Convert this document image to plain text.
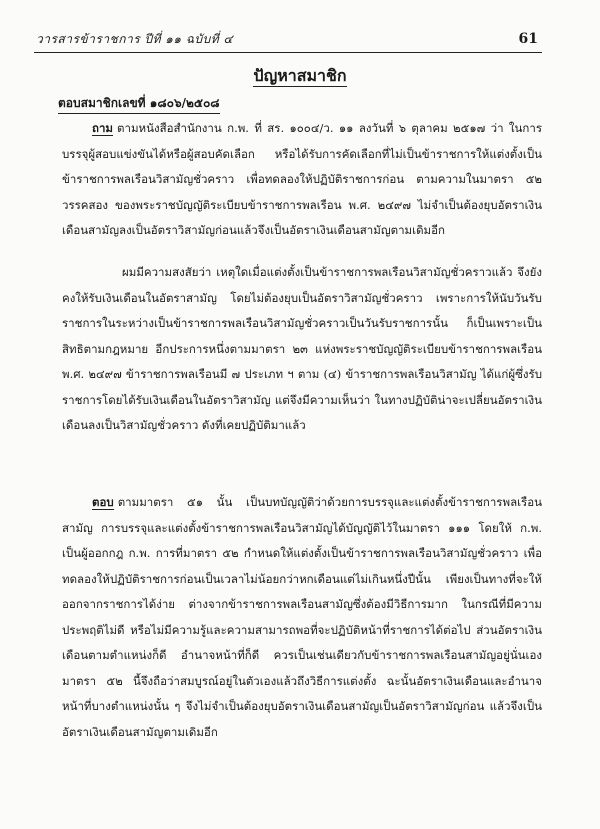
วารสารข้าราชการ ปีที่ ๑๑ ฉบับที่ ๔	61
ปัญหาสมาชิก
ตอบสมาชิกเลขที่ ๑๘๐๖/๒๕๐๘

ถาม ตามหนังสือสำนักงาน ก.พ. ที่ สร. ๑๐๐๔/ว. ๑๑ ลงวันที่ ๖ ตุลาคม ๒๕๑๗ ว่า ในการบรรจุผู้สอบแข่งขันได้หรือผู้สอบคัดเลือก หรือได้รับการคัดเลือกที่ไม่เป็นข้าราชการให้แต่งตั้งเป็นข้าราชการพลเรือนวิสามัญชั่วคราว เพื่อทดลองให้ปฏิบัติราชการก่อน ตามความในมาตรา ๕๒ วรรคสอง ของพระราชบัญญัติระเบียบข้าราชการพลเรือน พ.ศ. ๒๔๙๗ ไม่จำเป็นต้องยุบอัตราเงินเดือนสามัญลงเป็นอัตราวิสามัญก่อนแล้วจึงเป็นอัตราเงินเดือนสามัญตามเดิมอีก

ผมมีความสงสัยว่า เหตุใดเมื่อแต่งตั้งเป็นข้าราชการพลเรือนวิสามัญชั่วคราวแล้ว จึงยังคงให้รับเงินเดือนในอัตราสามัญ โดยไม่ต้องยุบเป็นอัตราวิสามัญชั่วคราว เพราะการให้นับวันรับราชการในระหว่างเป็นข้าราชการพลเรือนวิสามัญชั่วคราวเป็นวันรับราชการนั้น ก็เป็นเพราะเป็นสิทธิตามกฎหมาย อีกประการหนึ่งตามมาตรา ๒๓ แห่งพระราชบัญญัติระเบียบข้าราชการพลเรือน พ.ศ. ๒๔๙๗ ข้าราชการพลเรือนมี ๗ ประเภท ฯ ตาม (๔) ข้าราชการพลเรือนวิสามัญ ได้แก่ผู้ซึ่งรับราชการโดยได้รับเงินเดือนในอัตราวิสามัญ แต่จึงมีความเห็นว่า ในทางปฏิบัติน่าจะเปลี่ยนอัตราเงินเดือนลงเป็นวิสามัญชั่วคราว ดังที่เคยปฏิบัติมาแล้ว

ตอบ ตามมาตรา ๕๑ นั้น เป็นบทบัญญัติว่าด้วยการบรรจุและแต่งตั้งข้าราชการพลเรือนสามัญ การบรรจุและแต่งตั้งข้าราชการพลเรือนวิสามัญได้บัญญัติไว้ในมาตรา ๑๑๑ โดยให้ ก.พ. เป็นผู้ออกกฎ ก.พ. การที่มาตรา ๕๒ กำหนดให้แต่งตั้งเป็นข้าราชการพลเรือนวิสามัญชั่วคราว เพื่อทดลองให้ปฏิบัติราชการก่อนเป็นเวลาไม่น้อยกว่าหกเดือนแต่ไม่เกินหนึ่งปีนั้น เพียงเป็นทางที่จะให้ออกจากราชการได้ง่าย ต่างจากข้าราชการพลเรือนสามัญซึ่งต้องมีวิธีการมาก ในกรณีที่มีความประพฤติไม่ดี หรือไม่มีความรู้และความสามารถพอที่จะปฏิบัติหน้าที่ราชการได้ต่อไป ส่วนอัตราเงินเดือนตามตำแหน่งก็ดี อำนาจหน้าที่ก็ดี ควรเป็นเช่นเดียวกับข้าราชการพลเรือนสามัญอยู่นั่นเอง มาตรา ๕๒ นี้จึงถือว่าสมบูรณ์อยู่ในตัวเองแล้วถึงวิธีการแต่งตั้ง ฉะนั้นอัตราเงินเดือนและอำนาจหน้าที่บางตำแหน่งนั้น ๆ จึงไม่จำเป็นต้องยุบอัตราเงินเดือนสามัญเป็นอัตราวิสามัญก่อน แล้วจึงเป็นอัตราเงินเดือนสามัญตามเดิมอีก
